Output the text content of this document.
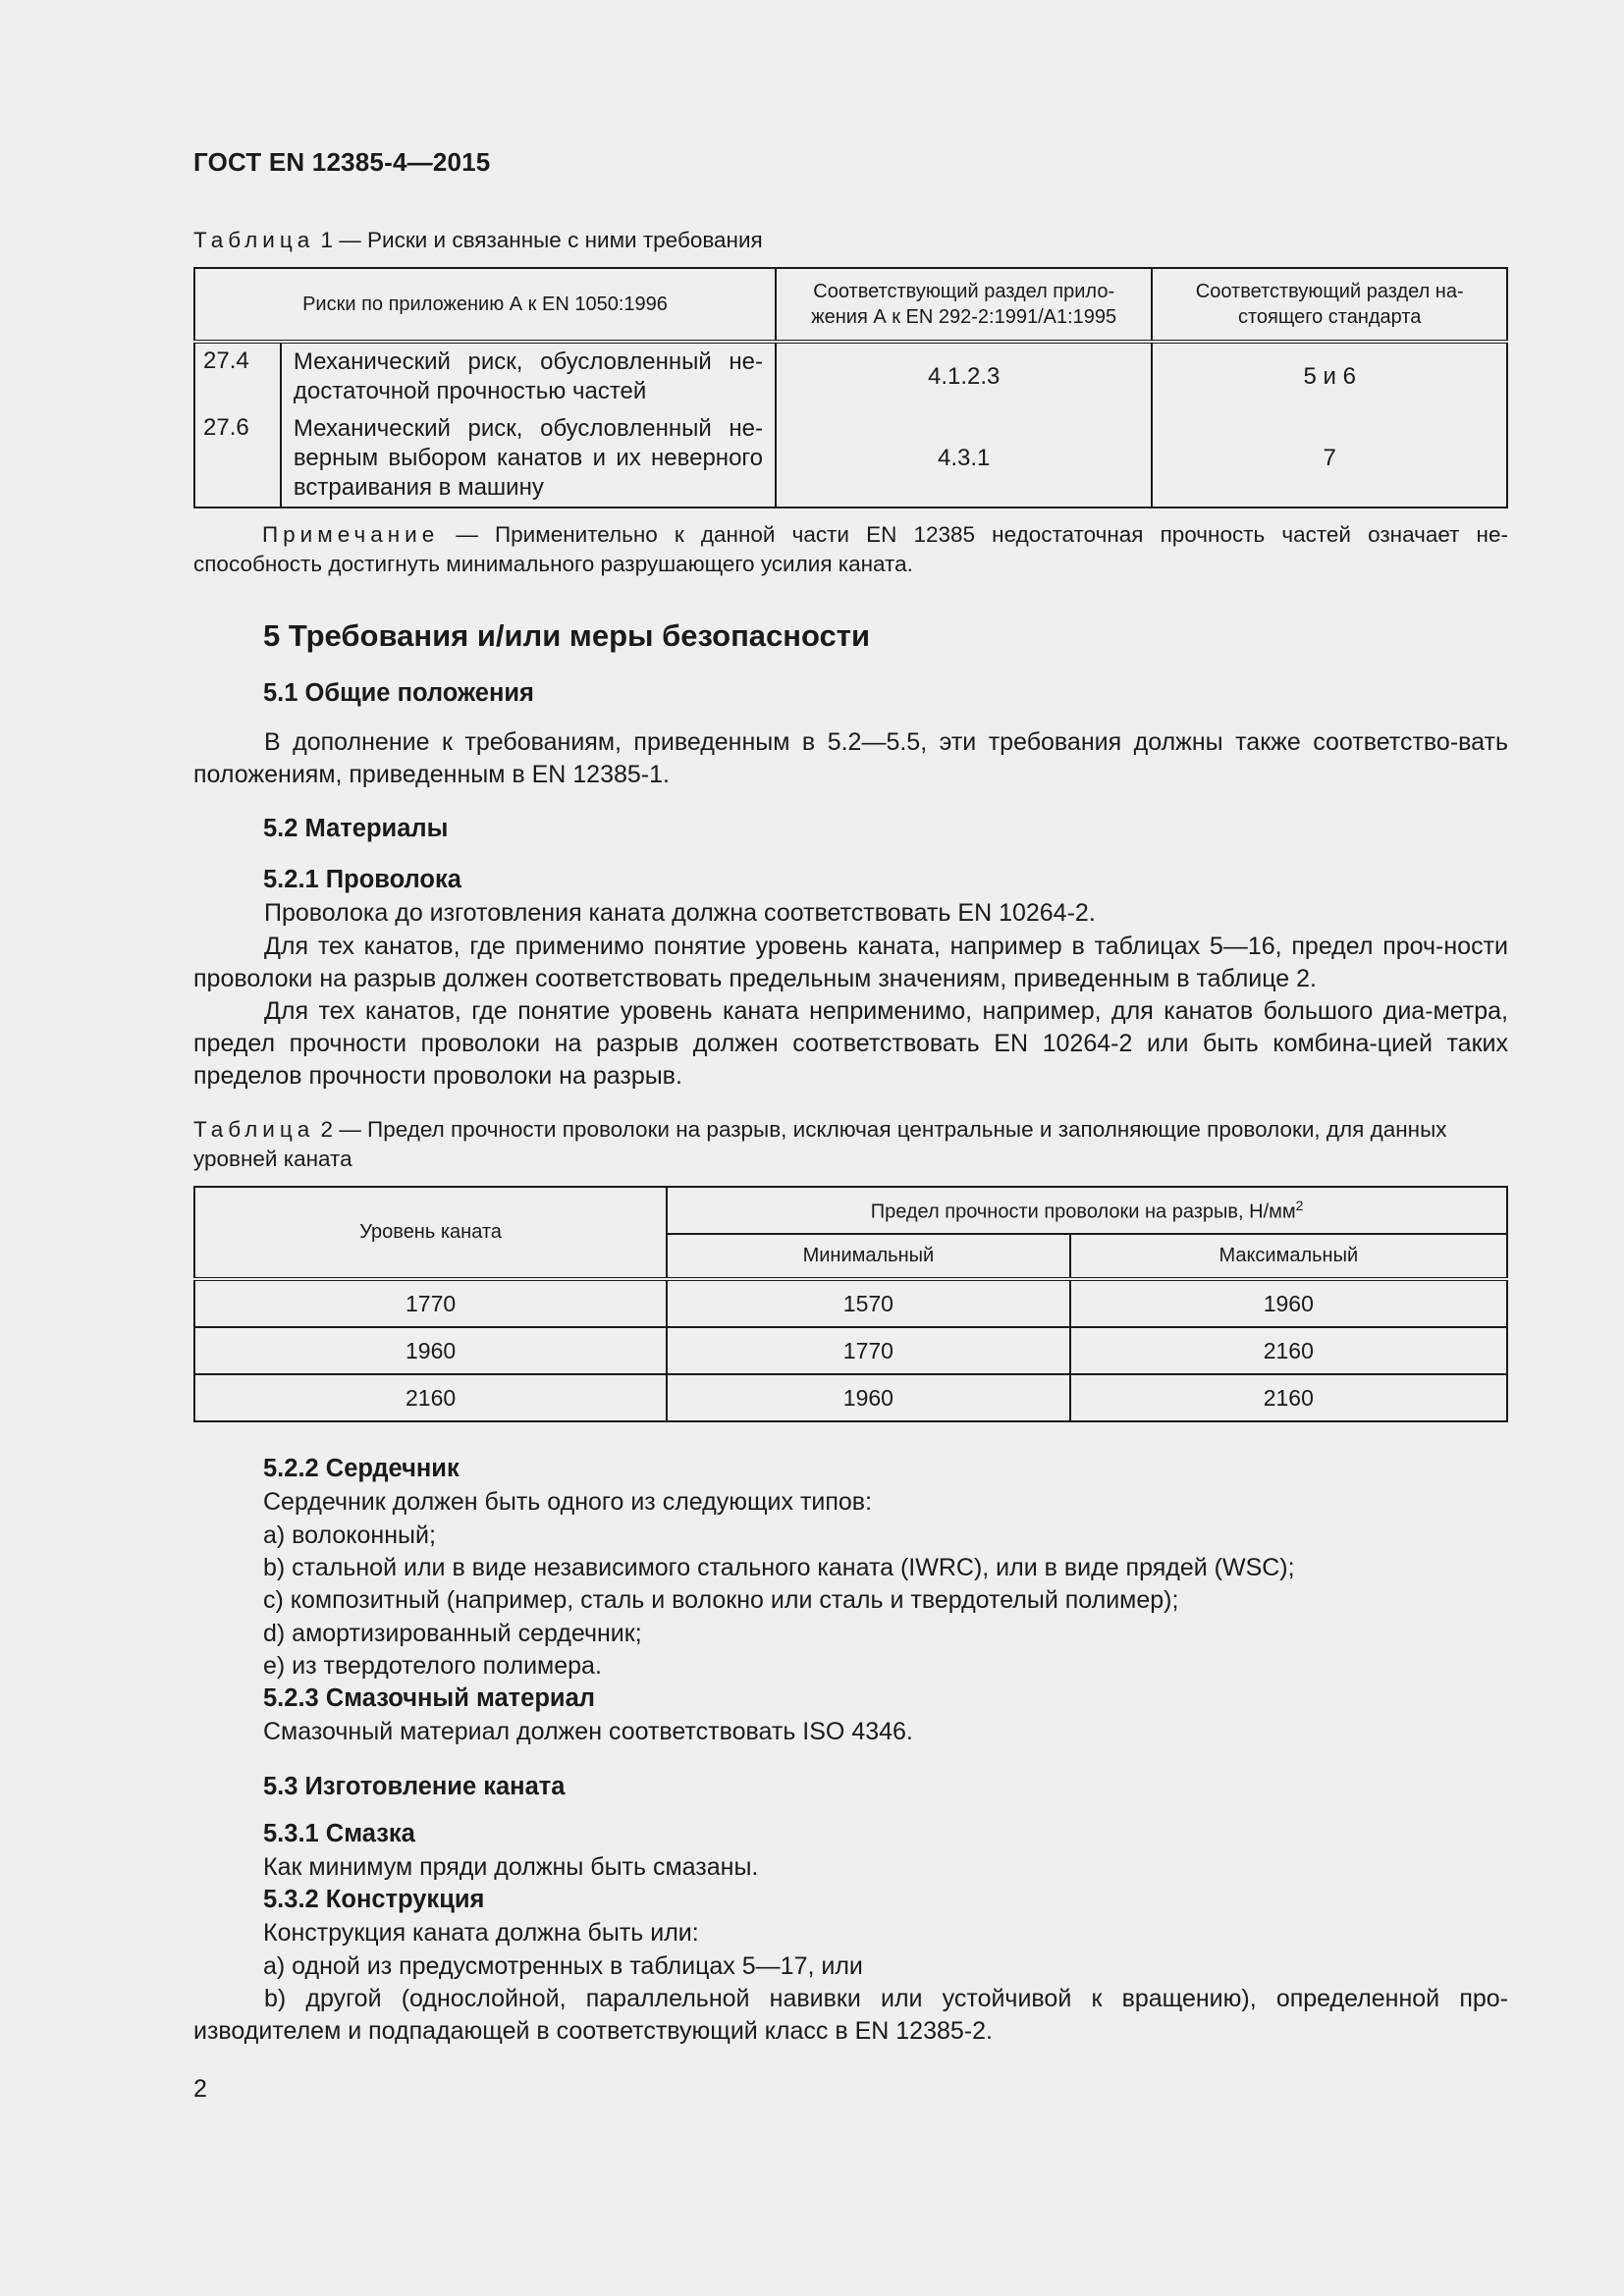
ГОСТ EN 12385-4—2015
Таблица 1 — Риски и связанные с ними требования
Риски по приложению А к EN 1050:1996		Соответствующий раздел прило-жения А к EN 292-2:1991/А1:1995	Соответствующий раздел на-стоящего стандарта
27.4	Механический риск, обусловленный не-достаточной прочностью частей	4.1.2.3	5 и 6
27.6	Механический риск, обусловленный не-верным выбором канатов и их неверного встраивания в машину	4.3.1	7
Примечание — Применительно к данной части EN 12385 недостаточная прочность частей означает не-способность достигнуть минимального разрушающего усилия каната.
5 Требования и/или меры безопасности
5.1 Общие положения
В дополнение к требованиям, приведенным в 5.2—5.5, эти требования должны также соответство-вать положениям, приведенным в EN 12385-1.
5.2 Материалы
5.2.1 Проволока
Проволока до изготовления каната должна соответствовать EN 10264-2.
Для тех канатов, где применимо понятие уровень каната, например в таблицах 5—16, предел проч-ности проволоки на разрыв должен соответствовать предельным значениям, приведенным в таблице 2.
Для тех канатов, где понятие уровень каната неприменимо, например, для канатов большого диа-метра, предел прочности проволоки на разрыв должен соответствовать EN 10264-2 или быть комбина-цией таких пределов прочности проволоки на разрыв.
Таблица 2 — Предел прочности проволоки на разрыв, исключая центральные и заполняющие проволоки, для данных уровней каната
Уровень каната	Предел прочности проволоки на разрыв, $Н/мм^2$
	Минимальный	Максимальный
1770	1570	1960
1960	1770	2160
2160	1960	2160
5.2.2 Сердечник
Сердечник должен быть одного из следующих типов:
a) волоконный;
b) стальной или в виде независимого стального каната (IWRC), или в виде прядей (WSC);
c) композитный (например, сталь и волокно или сталь и твердотелый полимер);
d) амортизированный сердечник;
e) из твердотелого полимера.
5.2.3 Смазочный материал
Смазочный материал должен соответствовать ISO 4346.
5.3 Изготовление каната
5.3.1 Смазка
Как минимум пряди должны быть смазаны.
5.3.2 Конструкция
Конструкция каната должна быть или:
a) одной из предусмотренных в таблицах 5—17, или
b) другой (однослойной, параллельной навивки или устойчивой к вращению), определенной про-изводителем и подпадающей в соответствующий класс в EN 12385-2.
2
